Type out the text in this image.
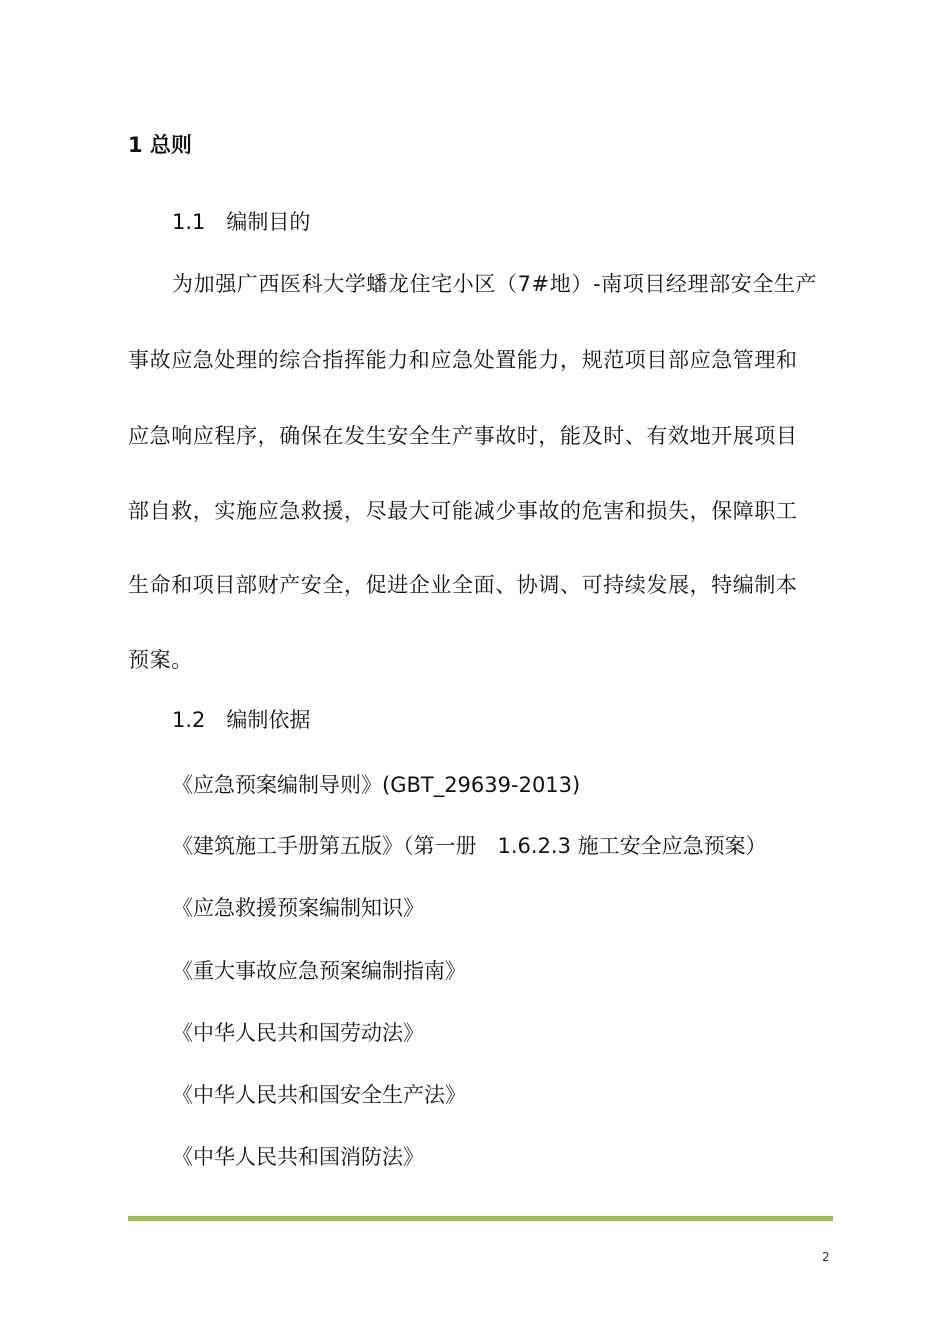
1 总则
1.1　编制目的
为加强广西医科大学蟠龙住宅小区（7#地）-南项目经理部安全生产
事故应急处理的综合指挥能力和应急处置能力，规范项目部应急管理和
应急响应程序，确保在发生安全生产事故时，能及时、有效地开展项目
部自救，实施应急救援，尽最大可能减少事故的危害和损失，保障职工
生命和项目部财产安全，促进企业全面、协调、可持续发展，特编制本
预案。
1.2　编制依据
《应急预案编制导则》(GBT_29639-2013)
《建筑施工手册第五版》（第一册　1.6.2.3 施工安全应急预案）
《应急救援预案编制知识》
《重大事故应急预案编制指南》
《中华人民共和国劳动法》
《中华人民共和国安全生产法》
《中华人民共和国消防法》
2
